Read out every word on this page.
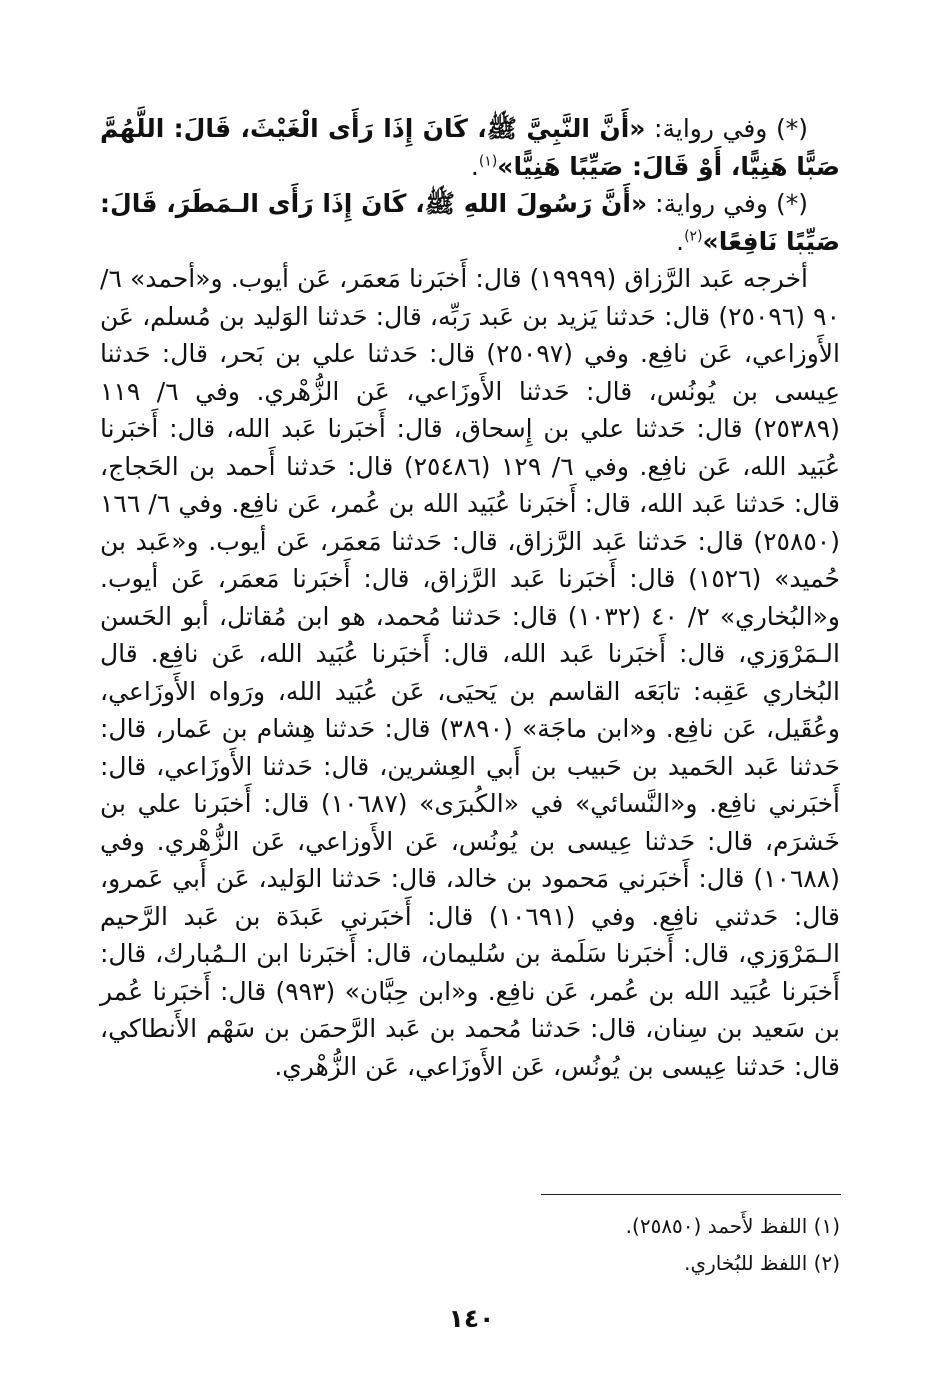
(*) وفي رواية: «أَنَّ النَّبِيَّ ﷺ، كَانَ إِذَا رَأَى الْغَيْثَ، قَالَ: اللَّهُمَّ صَبًّا هَنِيًّا، أَوْ قَالَ: صَيِّبًا هَنِيًّا»$^{(١)}$.

(*) وفي رواية: «أَنَّ رَسُولَ اللهِ ﷺ، كَانَ إِذَا رَأَى الـمَطَرَ، قَالَ: صَيِّبًا نَافِعًا»$^{(٢)}$.

أخرجه عَبد الرَّزاق (١٩٩٩٩) قال: أَخبَرنا مَعمَر، عَن أيوب. و«أحمد» ٦/ ٩٠ (٢٥٠٩٦) قال: حَدثنا يَزيد بن عَبد رَبِّه، قال: حَدثنا الوَليد بن مُسلم، عَن الأَوزاعي، عَن نافِع. وفي (٢٥٠٩٧) قال: حَدثنا علي بن بَحر، قال: حَدثنا عِيسى بن يُونُس، قال: حَدثنا الأَوزَاعي، عَن الزُّهْري. وفي ٦/ ١١٩ (٢٥٣٨٩) قال: حَدثنا علي بن إِسحاق، قال: أَخبَرنا عَبد الله، قال: أَخبَرنا عُبَيد الله، عَن نافِع. وفي ٦/ ١٢٩ (٢٥٤٨٦) قال: حَدثنا أَحمد بن الحَجاج، قال: حَدثنا عَبد الله، قال: أَخبَرنا عُبَيد الله بن عُمر، عَن نافِع. وفي ٦/ ١٦٦ (٢٥٨٥٠) قال: حَدثنا عَبد الرَّزاق، قال: حَدثنا مَعمَر، عَن أيوب. و«عَبد بن حُميد» (١٥٢٦) قال: أَخبَرنا عَبد الرَّزاق، قال: أَخبَرنا مَعمَر، عَن أيوب. و«البُخاري» ٢/ ٤٠ (١٠٣٢) قال: حَدثنا مُحمد، هو ابن مُقاتل، أبو الحَسن الـمَرْوَزي، قال: أَخبَرنا عَبد الله، قال: أَخبَرنا عُبَيد الله، عَن نافِع. قال البُخاري عَقِبه: تابَعَه القاسم بن يَحيَى، عَن عُبَيد الله، ورَواه الأَوزَاعي، وعُقَيل، عَن نافِع. و«ابن ماجَة» (٣٨٩٠) قال: حَدثنا هِشام بن عَمار، قال: حَدثنا عَبد الحَميد بن حَبيب بن أَبي العِشرين، قال: حَدثنا الأَوزَاعي، قال: أَخبَرني نافِع. و«النَّسائي» في «الكُبرَى» (١٠٦٨٧) قال: أَخبَرنا علي بن خَشرَم، قال: حَدثنا عِيسى بن يُونُس، عَن الأَوزاعي، عَن الزُّهْري. وفي (١٠٦٨٨) قال: أَخبَرني مَحمود بن خالد، قال: حَدثنا الوَليد، عَن أَبي عَمرو، قال: حَدثني نافِع. وفي (١٠٦٩١) قال: أَخبَرني عَبدَة بن عَبد الرَّحيم الـمَرْوَزي، قال: أَخبَرنا سَلَمة بن سُليمان، قال: أَخبَرنا ابن الـمُبارك، قال: أَخبَرنا عُبَيد الله بن عُمر، عَن نافِع. و«ابن حِبَّان» (٩٩٣) قال: أَخبَرنا عُمر بن سَعيد بن سِنان، قال: حَدثنا مُحمد بن عَبد الرَّحمَن بن سَهْم الأَنطاكي، قال: حَدثنا عِيسى بن يُونُس، عَن الأَوزَاعي، عَن الزُّهْري.

(١) اللفظ لأَحمد (٢٥٨٥٠).

(٢) اللفظ للبُخاري.

١٤٠
